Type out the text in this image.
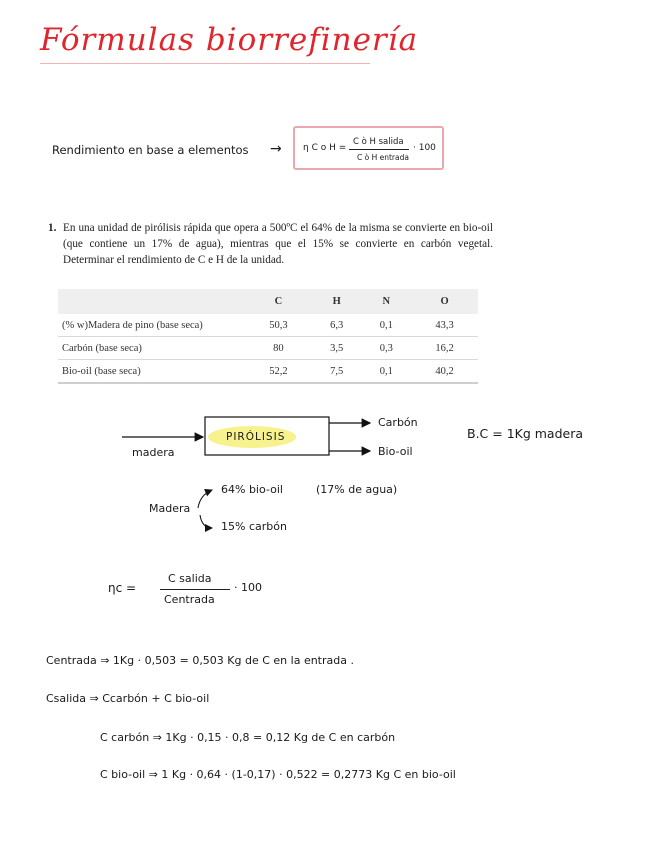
Fórmulas biorrefinería
Rendimiento en base a elementos → η C o H =
C ò H salida
C ò H entrada
· 100
1. En una unidad de pirólisis rápida que opera a 500ºC el 64% de la misma se convierte en bio-oil (que contiene un 17% de agua), mientras que el 15% se convierte en carbón vegetal. Determinar el rendimiento de C e H de la unidad.
	C	H	N	O
(% w)Madera de pino (base seca)	50,3	6,3	0,1	43,3
Carbón (base seca)	80	3,5	0,3	16,2
Bio-oil (base seca)	52,2	7,5	0,1	40,2
madera
PIRÓLISIS
Carbón
Bio-oil
B.C = 1Kg madera
Madera
64% bio-oil	(17% de agua)
15% carbón
ηc =
C salida
Centrada
· 100
Centrada ⇒ 1Kg · 0,503 = 0,503 Kg de C en la entrada .
Csalida ⇒ Ccarbón + C bio-oil
C carbón ⇒ 1Kg · 0,15 · 0,8 = 0,12 Kg de C en carbón
C bio-oil ⇒ 1 Kg · 0,64 · (1-0,17) · 0,522 = 0,2773 Kg C en bio-oil
